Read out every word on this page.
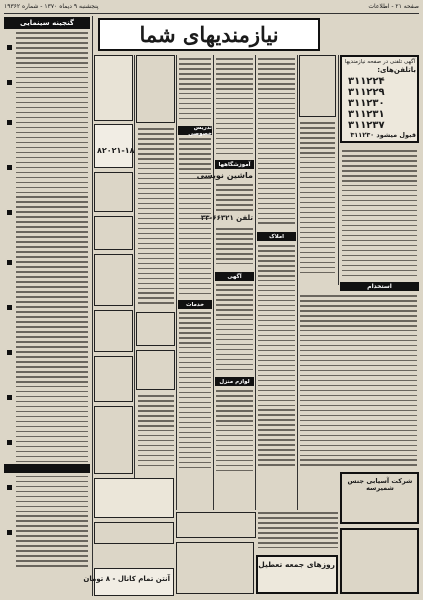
صفحه ۲۱ - اطلاعات
پنجشنبه ۹ دیماه ۱۳۷۰ - شماره ۱۹۳۶۲
نیازمندیهای شما
گنجینه سینمایی
۸۲۰۲۱-۱۸
آنتن تمام کانال - ۸ تومان
تدریس خصوصی
خدمات
آموزشگاهها
ماشین نویسی
تلفن ۶۶۳۲۱-۳۳
آگهی
لوازم منزل
املاک
آگهی تلفنی در صفحه نیازمندیها
باتلفن‌های:
۳۱۱۲۲۴
۳۱۱۲۲۹
۳۱۱۲۳۰
۳۱۱۲۳۱
۳۱۱۲۳۷
قبول میشود ۳۱۱۲۳۰
استخدام
شرکت آسیابی جنس شمیرسه
روزهای جمعه تعطیل
